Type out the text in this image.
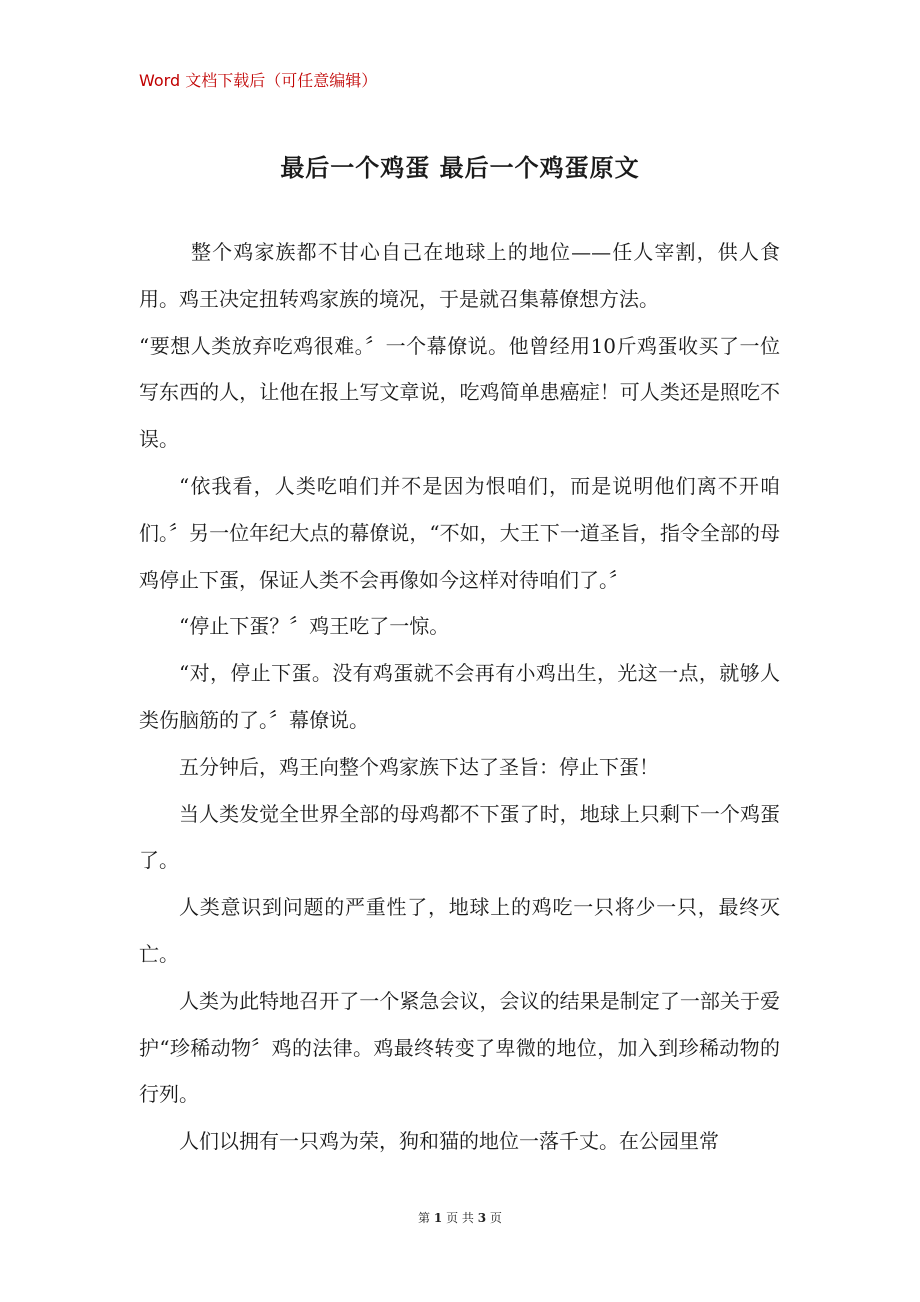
Word 文档下载后（可任意编辑）
最后一个鸡蛋 最后一个鸡蛋原文

整个鸡家族都不甘心自己在地球上的地位——任人宰割，供人食用。鸡王决定扭转鸡家族的境况，于是就召集幕僚想方法。

“要想人类放弃吃鸡很难。〞一个幕僚说。他曾经用10斤鸡蛋收买了一位写东西的人，让他在报上写文章说，吃鸡简单患癌症！可人类还是照吃不误。

“依我看，人类吃咱们并不是因为恨咱们，而是说明他们离不开咱们。〞另一位年纪大点的幕僚说，“不如，大王下一道圣旨，指令全部的母鸡停止下蛋，保证人类不会再像如今这样对待咱们了。〞

“停止下蛋？〞鸡王吃了一惊。

“对，停止下蛋。没有鸡蛋就不会再有小鸡出生，光这一点，就够人类伤脑筋的了。〞幕僚说。

五分钟后，鸡王向整个鸡家族下达了圣旨：停止下蛋！

当人类发觉全世界全部的母鸡都不下蛋了时，地球上只剩下一个鸡蛋了。

人类意识到问题的严重性了，地球上的鸡吃一只将少一只，最终灭亡。

人类为此特地召开了一个紧急会议，会议的结果是制定了一部关于爱护“珍稀动物〞鸡的法律。鸡最终转变了卑微的地位，加入到珍稀动物的行列。

人们以拥有一只鸡为荣，狗和猫的地位一落千丈。在公园里常

第 1 页 共 3 页
